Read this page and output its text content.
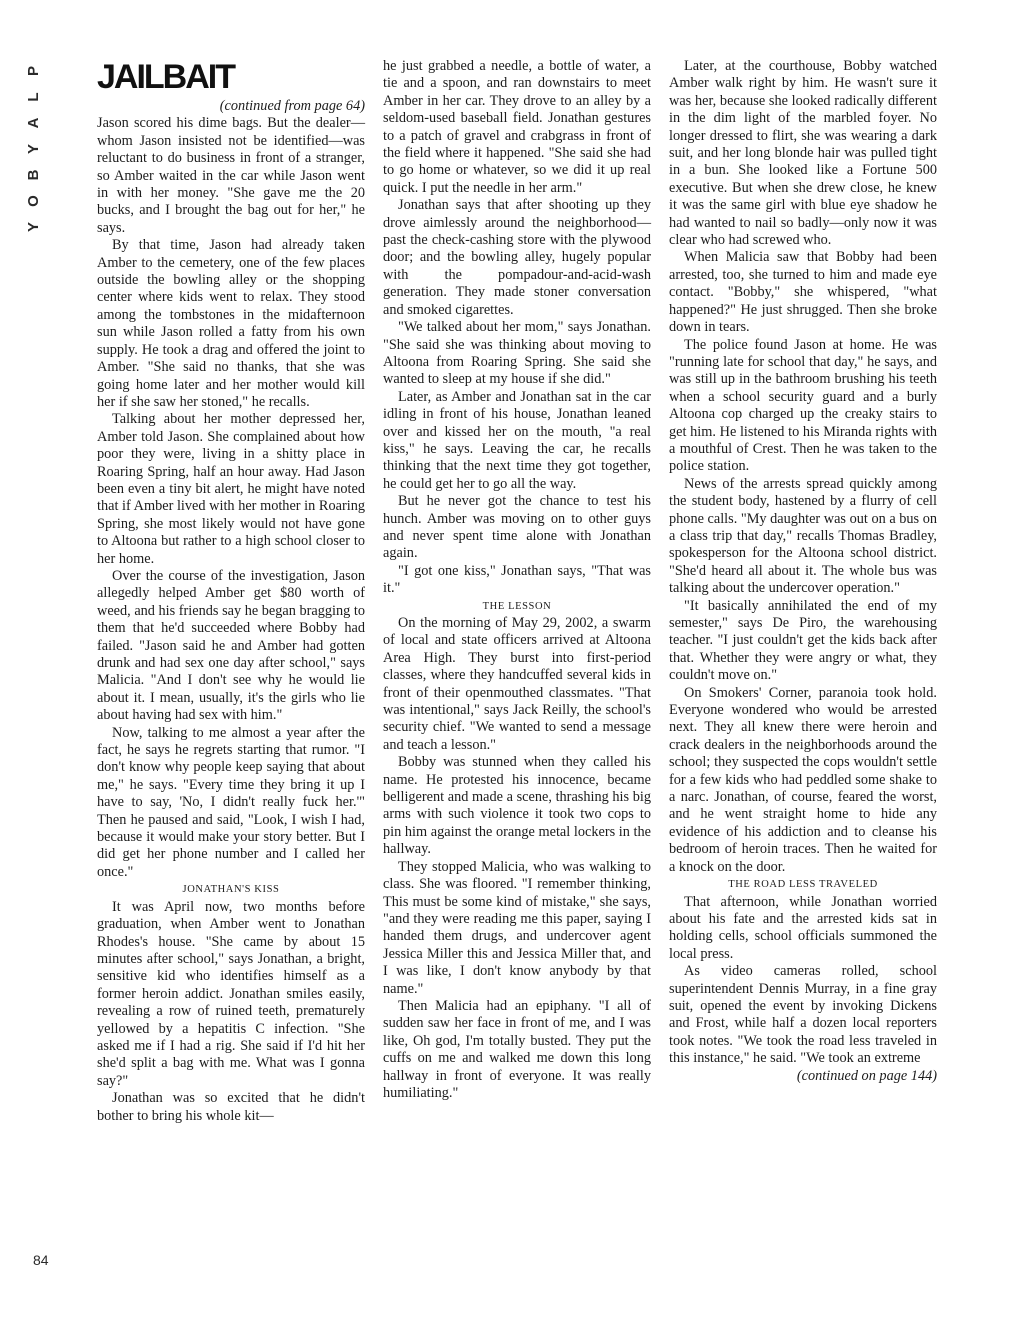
P
L
A
Y
B
O
Y
84
JAILBAIT

(continued from page 64)

Jason scored his dime bags. But the dealer—whom Jason insisted not be identified—was reluctant to do business in front of a stranger, so Amber waited in the car while Jason went in with her money. "She gave me the 20 bucks, and I brought the bag out for her," he says.

By that time, Jason had already taken Amber to the cemetery, one of the few places outside the bowling alley or the shopping center where kids went to relax. They stood among the tombstones in the midafternoon sun while Jason rolled a fatty from his own supply. He took a drag and offered the joint to Amber. "She said no thanks, that she was going home later and her mother would kill her if she saw her stoned," he recalls.

Talking about her mother depressed her, Amber told Jason. She complained about how poor they were, living in a shitty place in Roaring Spring, half an hour away. Had Jason been even a tiny bit alert, he might have noted that if Amber lived with her mother in Roaring Spring, she most likely would not have gone to Altoona but rather to a high school closer to her home.

Over the course of the investigation, Jason allegedly helped Amber get $80 worth of weed, and his friends say he began bragging to them that he'd succeeded where Bobby had failed. "Jason said he and Amber had gotten drunk and had sex one day after school," says Malicia. "And I don't see why he would lie about it. I mean, usually, it's the girls who lie about having had sex with him."

Now, talking to me almost a year after the fact, he says he regrets starting that rumor. "I don't know why people keep saying that about me," he says. "Every time they bring it up I have to say, 'No, I didn't really fuck her.'" Then he paused and said, "Look, I wish I had, because it would make your story better. But I did get her phone number and I called her once."

JONATHAN'S KISS

It was April now, two months before graduation, when Amber went to Jonathan Rhodes's house. "She came by about 15 minutes after school," says Jonathan, a bright, sensitive kid who identifies himself as a former heroin addict. Jonathan smiles easily, revealing a row of ruined teeth, prematurely yellowed by a hepatitis C infection. "She asked me if I had a rig. She said if I'd hit her she'd split a bag with me. What was I gonna say?"

Jonathan was so excited that he didn't bother to bring his whole kit—

he just grabbed a needle, a bottle of water, a tie and a spoon, and ran downstairs to meet Amber in her car. They drove to an alley by a seldom-used baseball field. Jonathan gestures to a patch of gravel and crabgrass in front of the field where it happened. "She said she had to go home or whatever, so we did it up real quick. I put the needle in her arm."

Jonathan says that after shooting up they drove aimlessly around the neighborhood—past the check-cashing store with the plywood door; and the bowling alley, hugely popular with the pompadour-and-acid-wash generation. They made stoner conversation and smoked cigarettes.

"We talked about her mom," says Jonathan. "She said she was thinking about moving to Altoona from Roaring Spring. She said she wanted to sleep at my house if she did."

Later, as Amber and Jonathan sat in the car idling in front of his house, Jonathan leaned over and kissed her on the mouth, "a real kiss," he says. Leaving the car, he recalls thinking that the next time they got together, he could get her to go all the way.

But he never got the chance to test his hunch. Amber was moving on to other guys and never spent time alone with Jonathan again.

"I got one kiss," Jonathan says, "That was it."

THE LESSON

On the morning of May 29, 2002, a swarm of local and state officers arrived at Altoona Area High. They burst into first-period classes, where they handcuffed several kids in front of their openmouthed classmates. "That was intentional," says Jack Reilly, the school's security chief. "We wanted to send a message and teach a lesson."

Bobby was stunned when they called his name. He protested his innocence, became belligerent and made a scene, thrashing his big arms with such violence it took two cops to pin him against the orange metal lockers in the hallway.

They stopped Malicia, who was walking to class. She was floored. "I remember thinking, This must be some kind of mistake," she says, "and they were reading me this paper, saying I handed them drugs, and undercover agent Jessica Miller this and Jessica Miller that, and I was like, I don't know anybody by that name."

Then Malicia had an epiphany. "I all of sudden saw her face in front of me, and I was like, Oh god, I'm totally busted. They put the cuffs on me and walked me down this long hallway in front of everyone. It was really humiliating."

Later, at the courthouse, Bobby watched Amber walk right by him. He wasn't sure it was her, because she looked radically different in the dim light of the marbled foyer. No longer dressed to flirt, she was wearing a dark suit, and her long blonde hair was pulled tight in a bun. She looked like a Fortune 500 executive. But when she drew close, he knew it was the same girl with blue eye shadow he had wanted to nail so badly—only now it was clear who had screwed who.

When Malicia saw that Bobby had been arrested, too, she turned to him and made eye contact. "Bobby," she whispered, "what happened?" He just shrugged. Then she broke down in tears.

The police found Jason at home. He was "running late for school that day," he says, and was still up in the bathroom brushing his teeth when a school security guard and a burly Altoona cop charged up the creaky stairs to get him. He listened to his Miranda rights with a mouthful of Crest. Then he was taken to the police station.

News of the arrests spread quickly among the student body, hastened by a flurry of cell phone calls. "My daughter was out on a bus on a class trip that day," recalls Thomas Bradley, spokesperson for the Altoona school district. "She'd heard all about it. The whole bus was talking about the undercover operation."

"It basically annihilated the end of my semester," says De Piro, the warehousing teacher. "I just couldn't get the kids back after that. Whether they were angry or what, they couldn't move on."

On Smokers' Corner, paranoia took hold. Everyone wondered who would be arrested next. They all knew there were heroin and crack dealers in the neighborhoods around the school; they suspected the cops wouldn't settle for a few kids who had peddled some shake to a narc. Jonathan, of course, feared the worst, and he went straight home to hide any evidence of his addiction and to cleanse his bedroom of heroin traces. Then he waited for a knock on the door.

THE ROAD LESS TRAVELED

That afternoon, while Jonathan worried about his fate and the arrested kids sat in holding cells, school officials summoned the local press.

As video cameras rolled, school superintendent Dennis Murray, in a fine gray suit, opened the event by invoking Dickens and Frost, while half a dozen local reporters took notes. "We took the road less traveled in this instance," he said. "We took an extreme

(continued on page 144)
